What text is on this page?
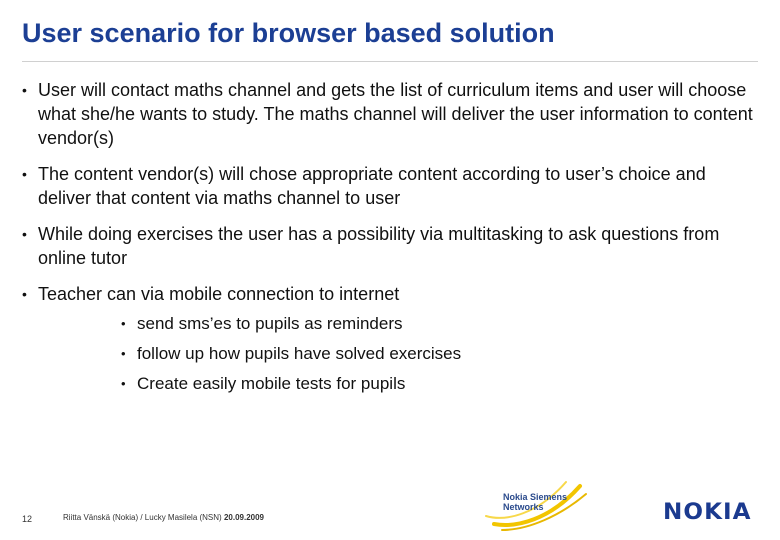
User scenario for browser based solution
• User will contact maths channel and gets the list of curriculum items and user will choose what she/he wants to study. The maths channel will deliver the user information to content vendor(s)
• The content vendor(s) will chose appropriate content according to user’s choice and deliver that content via maths channel to user
• While doing exercises the user has a possibility via multitasking to ask questions from online tutor
• Teacher can via mobile connection to internet
• send sms’es to pupils as reminders
• follow up how pupils have solved exercises
• Create easily mobile tests for pupils
12	Riitta Vänskä (Nokia) / Lucky Masilela (NSN) 20.09.2009
Nokia Siemens
Networks	NOKIA
